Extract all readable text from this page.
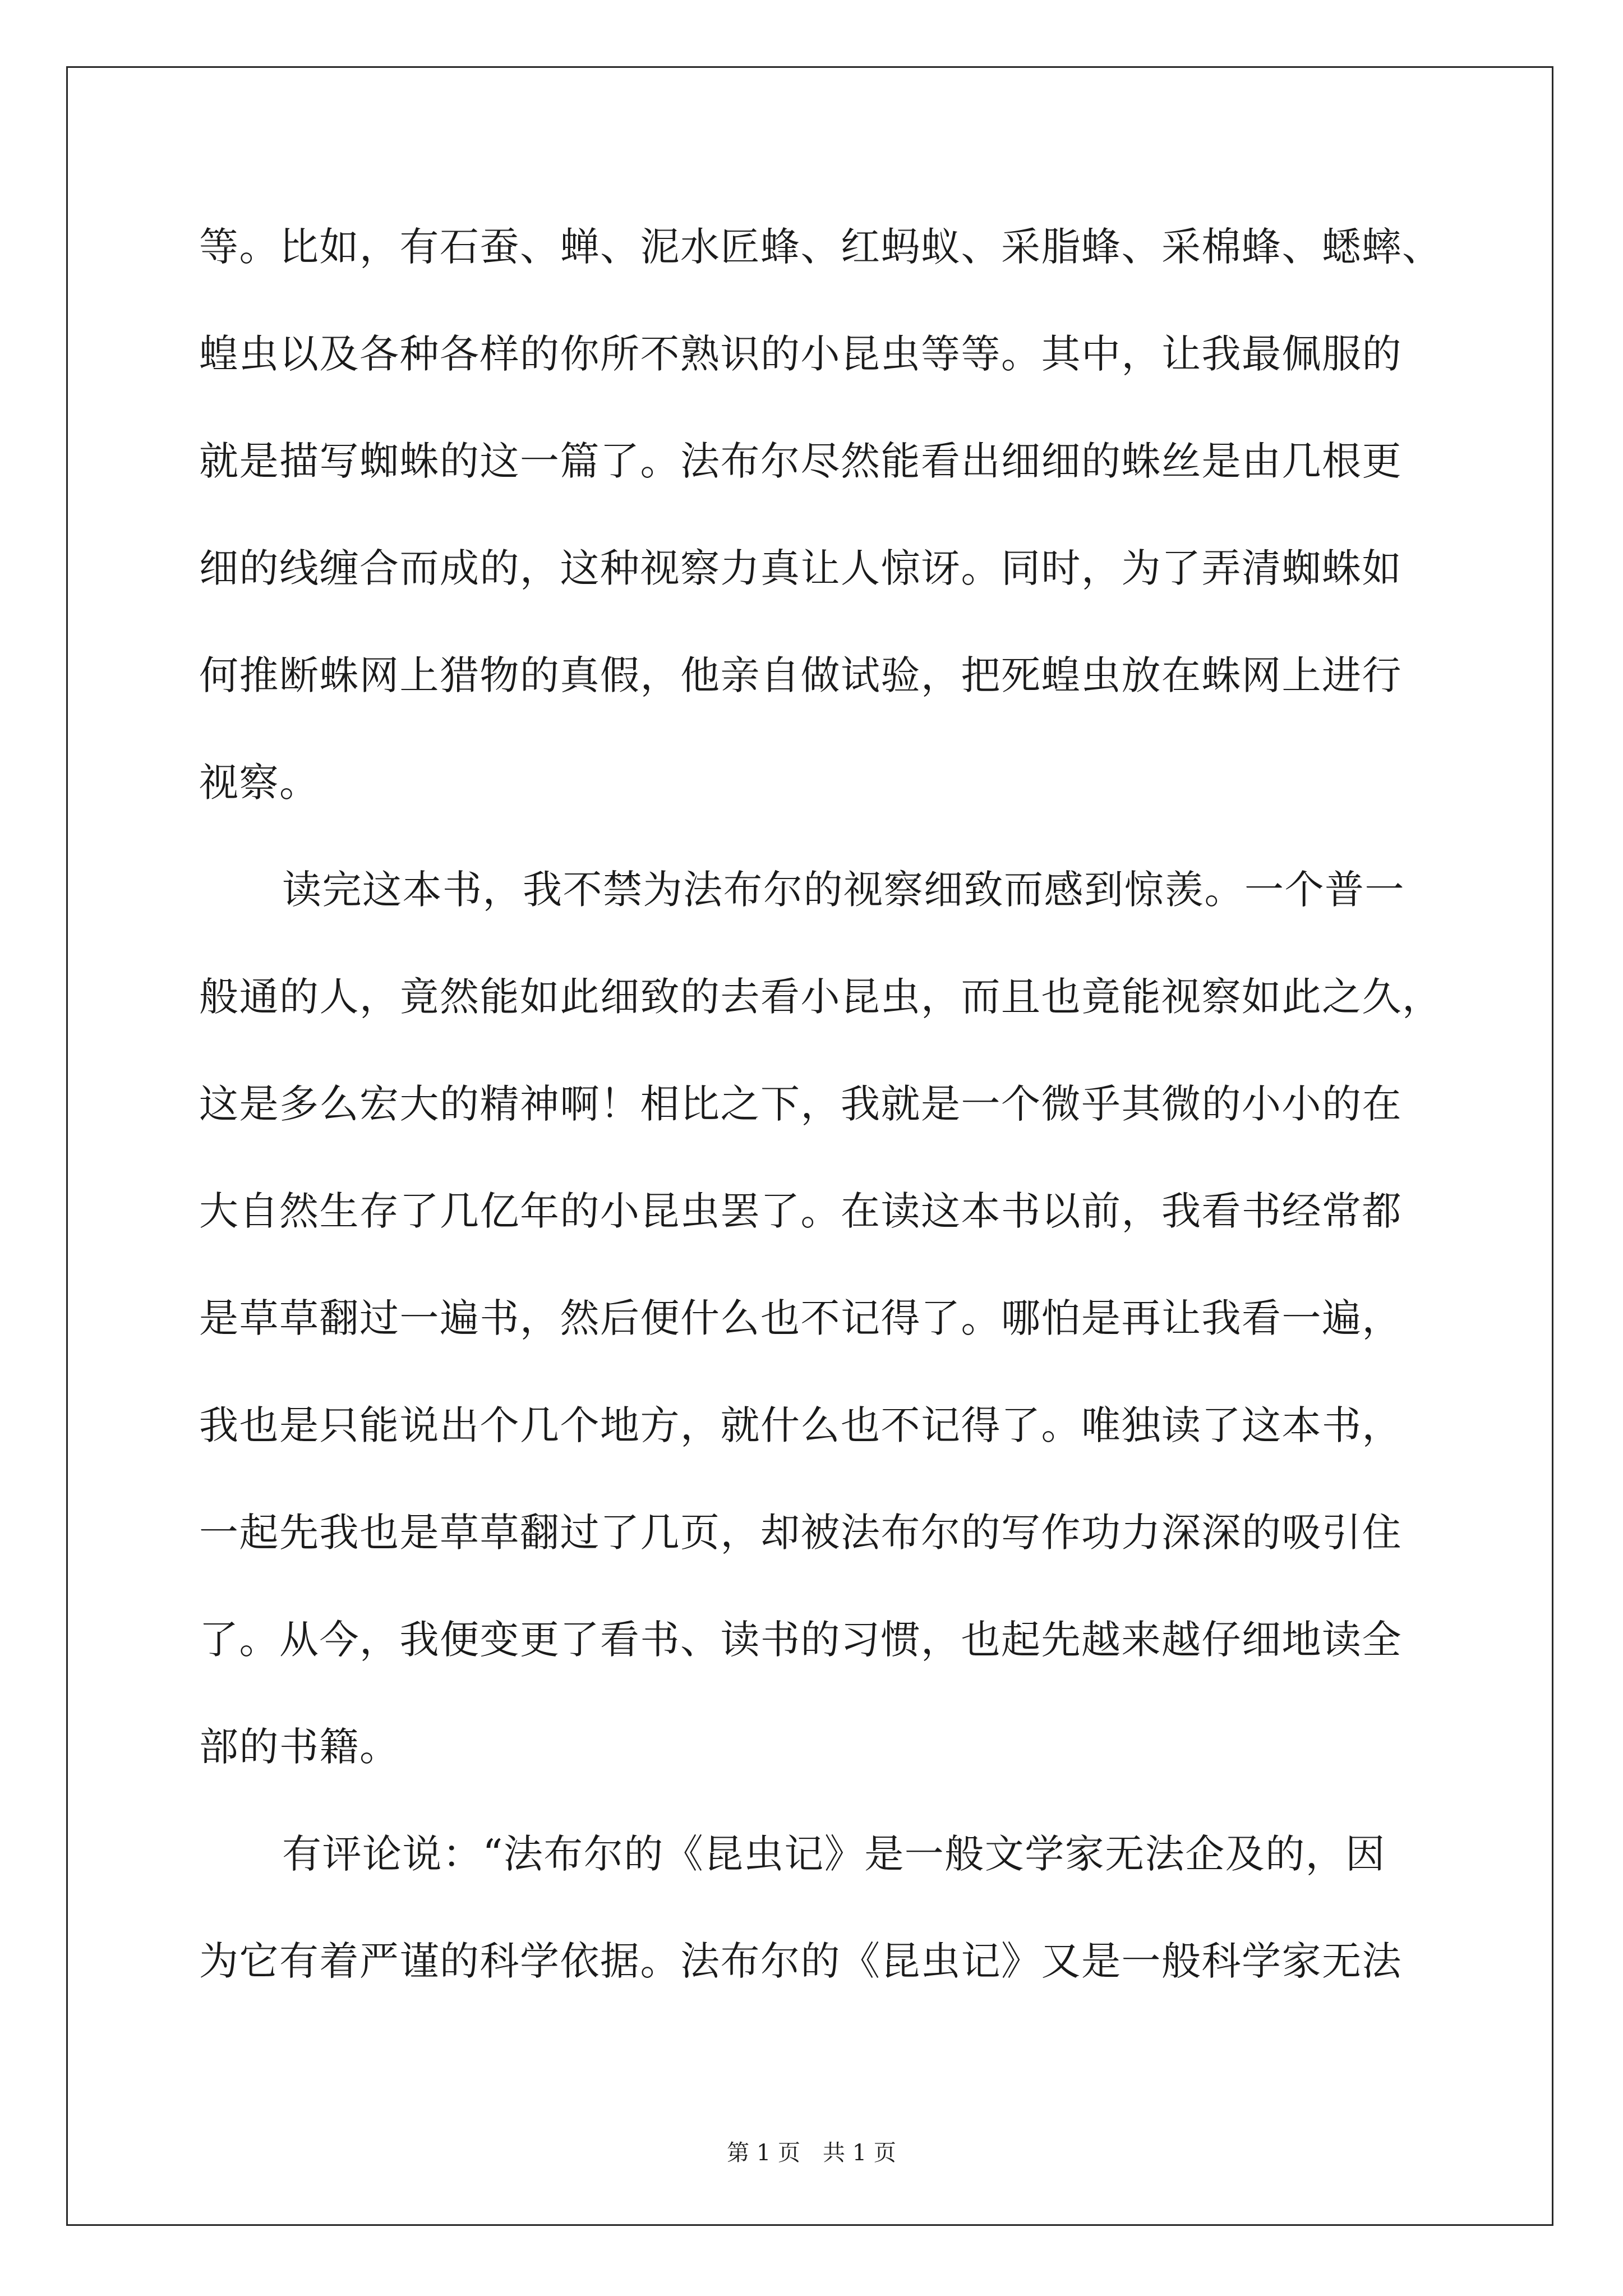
等。比如，有石蚕、蝉、泥水匠蜂、红蚂蚁、采脂蜂、采棉蜂、蟋蟀、
蝗虫以及各种各样的你所不熟识的小昆虫等等。其中，让我最佩服的
就是描写蜘蛛的这一篇了。法布尔尽然能看出细细的蛛丝是由几根更
细的线缠合而成的，这种视察力真让人惊讶。同时，为了弄清蜘蛛如
何推断蛛网上猎物的真假，他亲自做试验，把死蝗虫放在蛛网上进行
视察。
读完这本书，我不禁为法布尔的视察细致而感到惊羡。一个普一
般通的人，竟然能如此细致的去看小昆虫，而且也竟能视察如此之久，
这是多么宏大的精神啊！相比之下，我就是一个微乎其微的小小的在
大自然生存了几亿年的小昆虫罢了。在读这本书以前，我看书经常都
是草草翻过一遍书，然后便什么也不记得了。哪怕是再让我看一遍，
我也是只能说出个几个地方，就什么也不记得了。唯独读了这本书，
一起先我也是草草翻过了几页，却被法布尔的写作功力深深的吸引住
了。从今，我便变更了看书、读书的习惯，也起先越来越仔细地读全
部的书籍。
有评论说：“法布尔的《昆虫记》是一般文学家无法企及的，因
为它有着严谨的科学依据。法布尔的《昆虫记》又是一般科学家无法
第 1 页　共 1 页
